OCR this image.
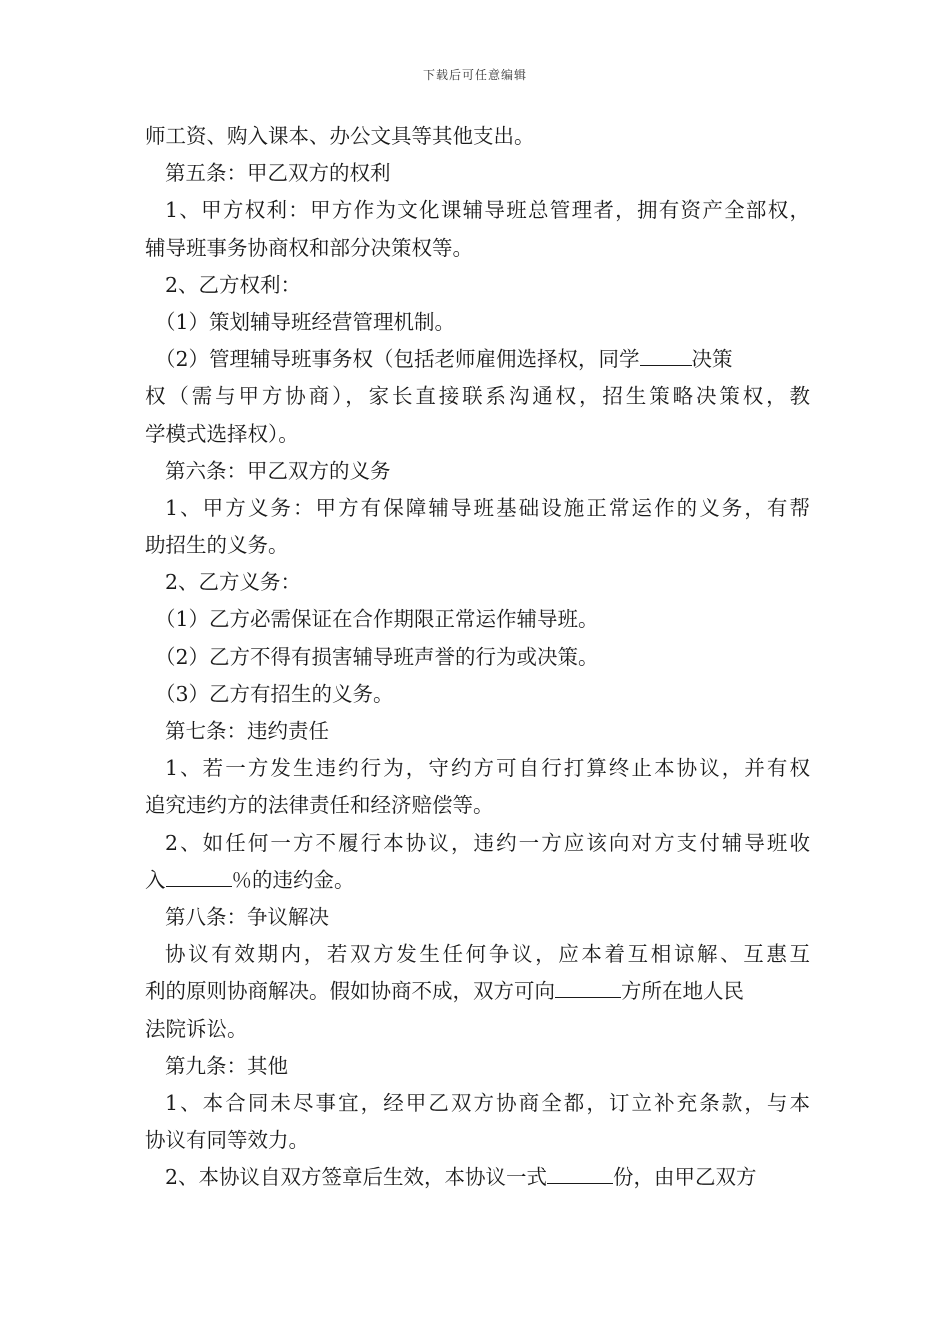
下载后可任意编辑
师工资、购入课本、办公文具等其他支出。
第五条：甲乙双方的权利
1、甲方权利：甲方作为文化课辅导班总管理者，拥有资产全部权，
辅导班事务协商权和部分决策权等。
2、乙方权利：
（1）策划辅导班经营管理机制。
（2）管理辅导班事务权（包括老师雇佣选择权，同学	决策
权（需与甲方协商），家长直接联系沟通权，招生策略决策权，教
学模式选择权）。
第六条：甲乙双方的义务
1、甲方义务：甲方有保障辅导班基础设施正常运作的义务，有帮
助招生的义务。
2、乙方义务：
（1）乙方必需保证在合作期限正常运作辅导班。
（2）乙方不得有损害辅导班声誉的行为或决策。
（3）乙方有招生的义务。
第七条：违约责任
1、若一方发生违约行为，守约方可自行打算终止本协议，并有权
追究违约方的法律责任和经济赔偿等。
2、如任何一方不履行本协议，违约一方应该向对方支付辅导班收
入	％的违约金。
第八条：争议解决
协议有效期内，若双方发生任何争议，应本着互相谅解、互惠互
利的原则协商解决。假如协商不成，双方可向	方所在地人民
法院诉讼。
第九条：其他
1、本合同未尽事宜，经甲乙双方协商全都，订立补充条款，与本
协议有同等效力。
2、本协议自双方签章后生效，本协议一式	份，由甲乙双方
